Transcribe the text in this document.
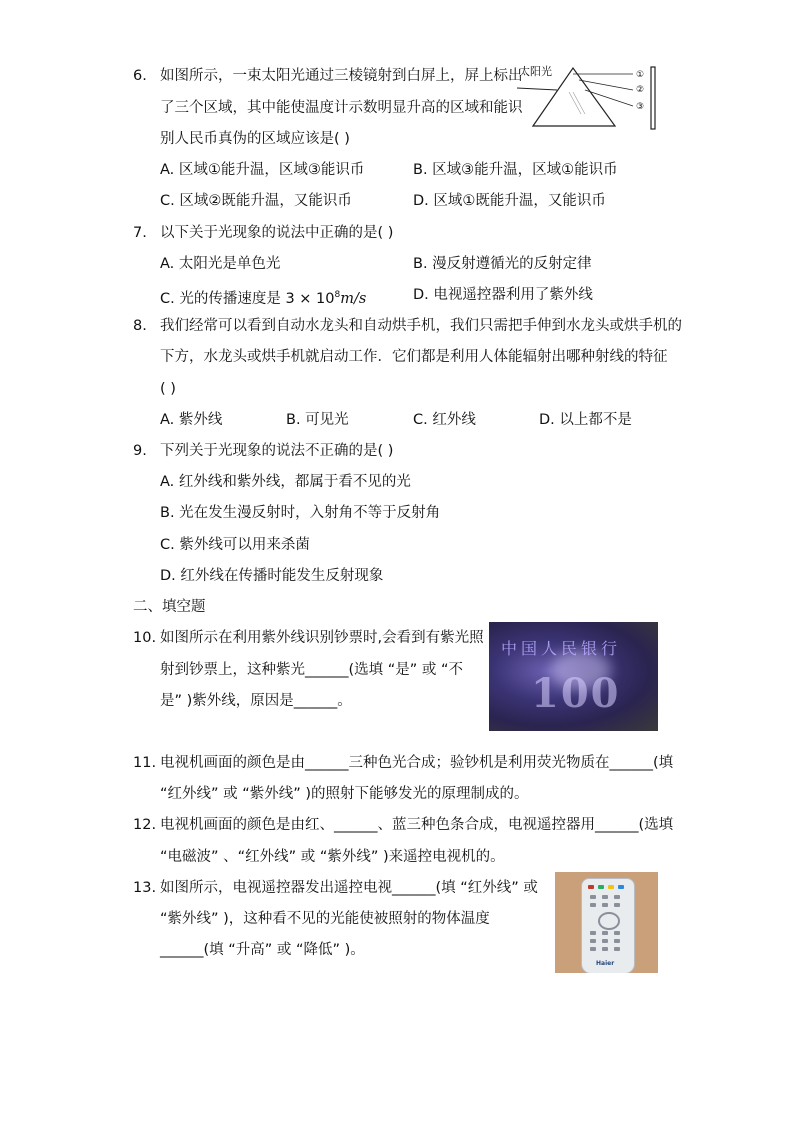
6. 如图所示，一束太阳光通过三棱镜射到白屏上，屏上标出
了三个区域，其中能使温度计示数明显升高的区域和能识
别人民币真伪的区域应该是( )
太阳光	①
②
③
A. 区域①能升温，区域③能识币	B. 区域③能升温，区域①能识币
C. 区域②既能升温，又能识币	D. 区域①既能升温，又能识币
7. 以下关于光现象的说法中正确的是( )
A. 太阳光是单色光	B. 漫反射遵循光的反射定律
C. 光的传播速度是 $3 \times 10^8m/s$	D. 电视遥控器利用了紫外线
8. 我们经常可以看到自动水龙头和自动烘手机，我们只需把手伸到水龙头或烘手机的
下方，水龙头或烘手机就启动工作．它们都是利用人体能辐射出哪种射线的特征
( )
A. 紫外线	B. 可见光	C. 红外线	D. 以上都不是
9. 下列关于光现象的说法不正确的是( )
A. 红外线和紫外线，都属于看不见的光
B. 光在发生漫反射时，入射角不等于反射角
C. 紫外线可以用来杀菌
D. 红外线在传播时能发生反射现象
二、填空题
10. 如图所示在利用紫外线识别钞票时,会看到有紫光照
射到钞票上，这种紫光______(选填 “是” 或 “不
是” )紫外线，原因是______。
中国人民银行
100
11. 电视机画面的颜色是由______三种色光合成；验钞机是利用荧光物质在______(填
“红外线” 或 “紫外线” )的照射下能够发光的原理制成的。
12. 电视机画面的颜色是由红、______、蓝三种色条合成，电视遥控器用______(选填
“电磁波” 、“红外线” 或 “紫外线” )来遥控电视机的。
13. 如图所示，电视遥控器发出遥控电视______(填 “红外线” 或
“紫外线” )，这种看不见的光能使被照射的物体温度
______(填 “升高” 或 “降低” )。
Haier
